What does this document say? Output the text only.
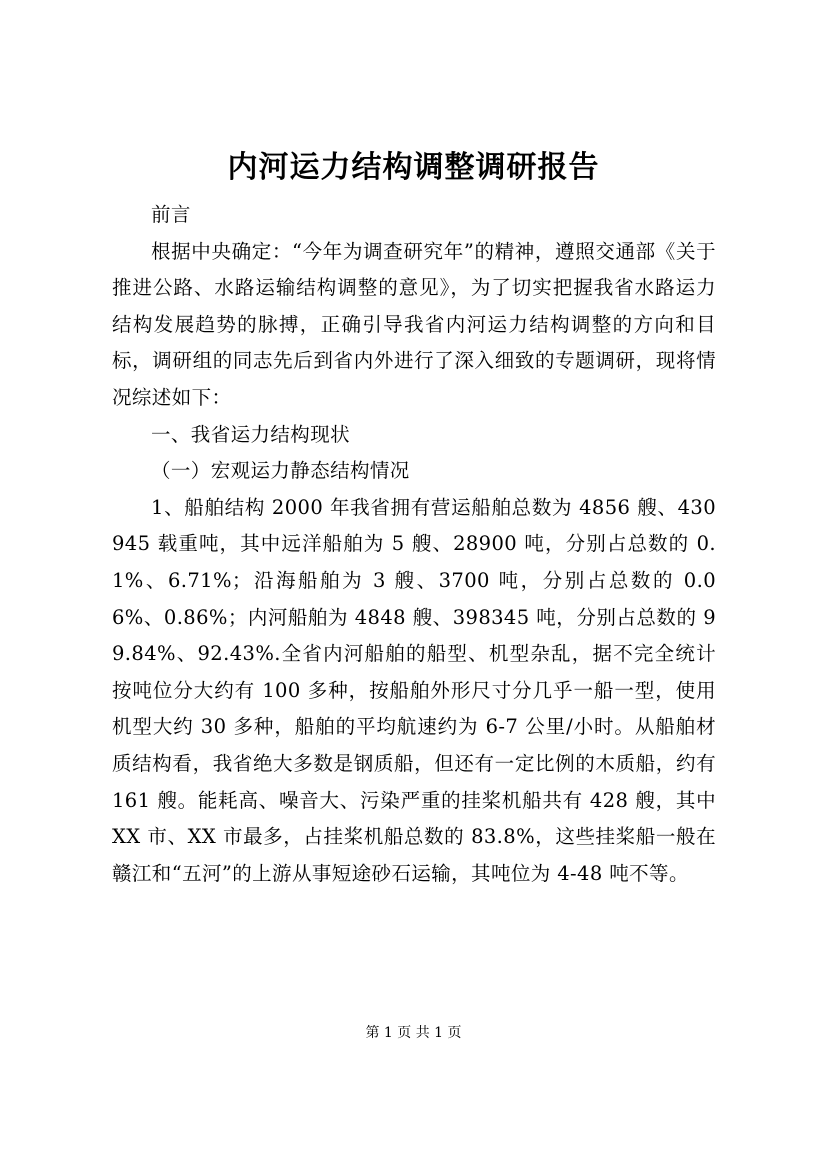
内河运力结构调整调研报告

前言

根据中央确定：“今年为调查研究年”的精神，遵照交通部《关于推进公路、水路运输结构调整的意见》，为了切实把握我省水路运力结构发展趋势的脉搏，正确引导我省内河运力结构调整的方向和目标，调研组的同志先后到省内外进行了深入细致的专题调研，现将情况综述如下：

一、我省运力结构现状

（一）宏观运力静态结构情况

1、船舶结构 2000 年我省拥有营运船舶总数为 4856 艘、430945 载重吨，其中远洋船舶为 5 艘、28900 吨，分别占总数的 0.1%、6.71%；沿海船舶为 3 艘、3700 吨，分别占总数的 0.06%、0.86%；内河船舶为 4848 艘、398345 吨，分别占总数的 99.84%、92.43%.全省内河船舶的船型、机型杂乱，据不完全统计按吨位分大约有 100 多种，按船舶外形尺寸分几乎一船一型，使用机型大约 30 多种，船舶的平均航速约为 6-7 公里/小时。从船舶材质结构看，我省绝大多数是钢质船，但还有一定比例的木质船，约有 161 艘。能耗高、噪音大、污染严重的挂桨机船共有 428 艘，其中 XX 市、XX 市最多，占挂桨机船总数的 83.8%，这些挂桨船一般在赣江和“五河”的上游从事短途砂石运输，其吨位为 4-48 吨不等。

第 1 页 共 1 页
